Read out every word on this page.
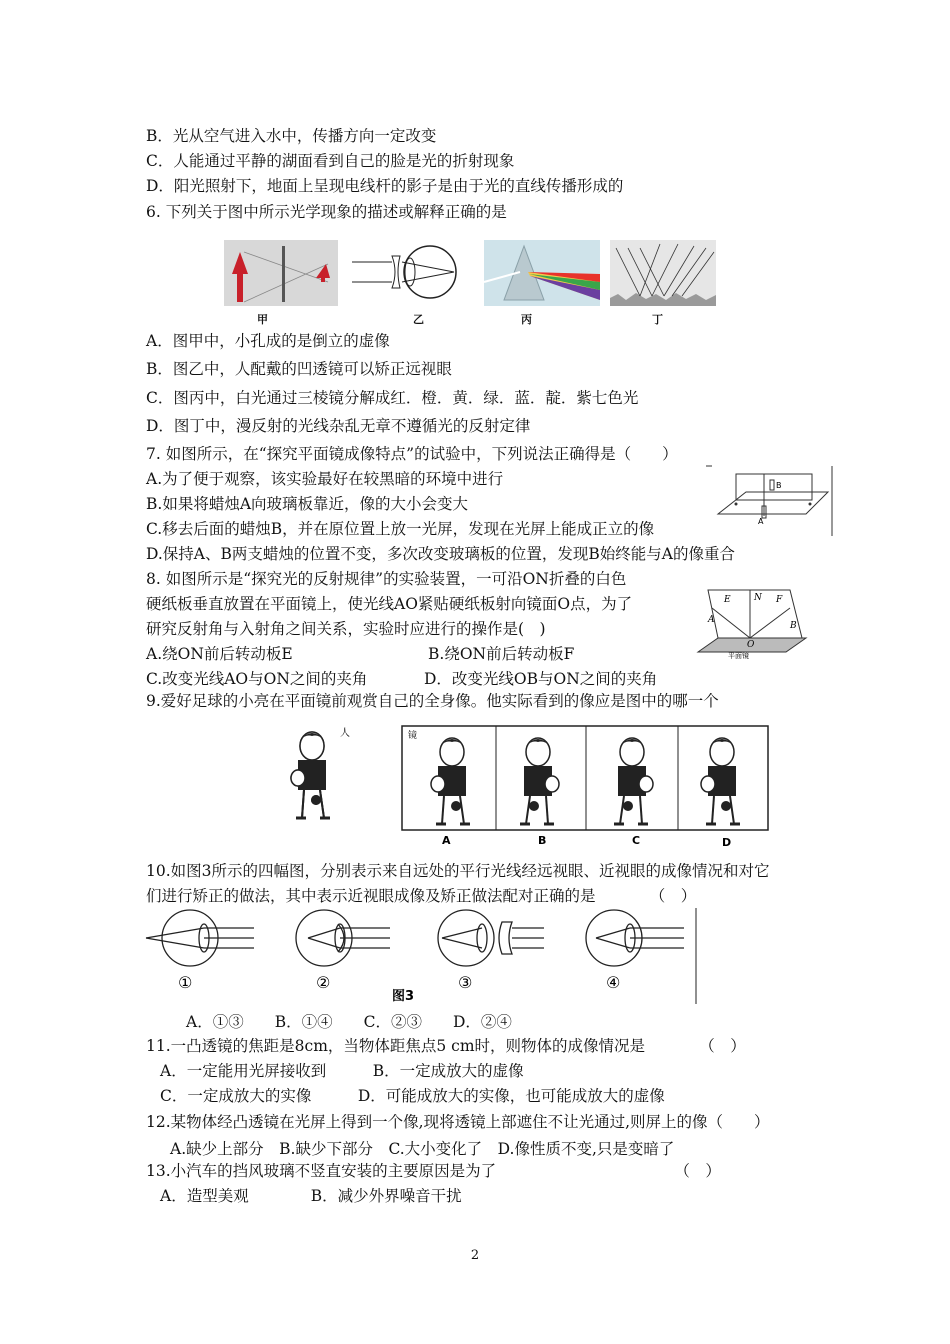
B．光从空气进入水中，传播方向一定改变
C．人能通过平静的湖面看到自己的脸是光的折射现象
D．阳光照射下，地面上呈现电线杆的影子是由于光的直线传播形成的
6. 下列关于图中所示光学现象的描述或解释正确的是
甲	乙	丙	丁
A．图甲中，小孔成的是倒立的虚像
B．图乙中，人配戴的凹透镜可以矫正远视眼
C．图丙中，白光通过三棱镜分解成红．橙．黄．绿．蓝．靛．紫七色光
D．图丁中，漫反射的光线杂乱无章不遵循光的反射定律
7. 如图所示，在“探究平面镜成像特点”的试验中，下列说法正确得是（　　）
A.为了便于观察，该实验最好在较黑暗的环境中进行
B.如果将蜡烛A向玻璃板靠近，像的大小会变大
C.移去后面的蜡烛B，并在原位置上放一光屏，发现在光屏上能成正立的像
D.保持A、B两支蜡烛的位置不变，多次改变玻璃板的位置，发现B始终能与A的像重合
A
B
8. 如图所示是“探究光的反射规律”的实验装置，一可沿ON折叠的白色
硬纸板垂直放置在平面镜上，使光线AO紧贴硬纸板射向镜面O点，为了
研究反射角与入射角之间关系，实验时应进行的操作是(　)
A.绕ON前后转动板E	B.绕ON前后转动板F
C.改变光线AO与ON之间的夹角	D．改变光线OB与ON之间的夹角
E	N F
A
B
O
平面镜
9.爱好足球的小亮在平面镜前观赏自己的全身像。他实际看到的像应是图中的哪一个
人	镜
A	B	C	D
10.如图3所示的四幅图，分别表示来自远处的平行光线经远视眼、近视眼的成像情况和对它
们进行矫正的做法，其中表示近视眼成像及矫正做法配对正确的是　　　　（　）
①	②	③	④
图3
A．①③　　B．①④　　C．②③　　D．②④
11.一凸透镜的焦距是8cm，当物体距焦点5 cm时，则物体的成像情况是　　　　（　）
A．一定能用光屏接收到　　　B．一定成放大的虚像
C．一定成放大的实像　　　D．可能成放大的实像，也可能成放大的虚像
12.某物体经凸透镜在光屏上得到一个像,现将透镜上部遮住不让光通过,则屏上的像（　　）
A.缺少上部分　B.缺少下部分　C.大小变化了　D.像性质不变,只是变暗了
13.小汽车的挡风玻璃不竖直安装的主要原因是为了　　　　　　　　　　　　（　）
A．造型美观　　　　B．减少外界噪音干扰
2
